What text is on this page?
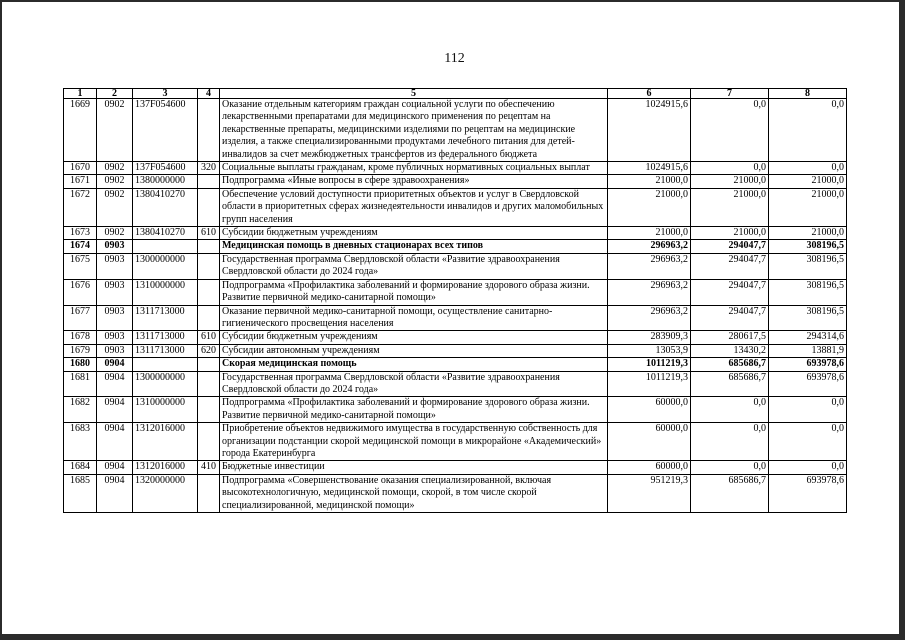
112
1	2	3	4	5	6	7	8
1669	0902	137F054600		Оказание отдельным категориям граждан социальной услуги по обеспечению лекарственными препаратами для медицинского применения по рецептам на лекарственные препараты, медицинскими изделиями по рецептам на медицинские изделия, а также специализированными продуктами лечебного питания для детей-инвалидов за счет межбюджетных трансфертов из федерального бюджета	1024915,6	0,0	0,0
1670	0902	137F054600	320	Социальные выплаты гражданам, кроме публичных нормативных социальных выплат	1024915,6	0,0	0,0
1671	0902	1380000000		Подпрограмма «Иные вопросы в сфере здравоохранения»	21000,0	21000,0	21000,0
1672	0902	1380410270		Обеспечение условий доступности приоритетных объектов и услуг в Свердловской области в приоритетных сферах жизнедеятельности инвалидов и других маломобильных групп населения	21000,0	21000,0	21000,0
1673	0902	1380410270	610	Субсидии бюджетным учреждениям	21000,0	21000,0	21000,0
1674	0903			Медицинская помощь в дневных стационарах всех типов	296963,2	294047,7	308196,5
1675	0903	1300000000		Государственная программа Свердловской области «Развитие здравоохранения Свердловской области до 2024 года»	296963,2	294047,7	308196,5
1676	0903	1310000000		Подпрограмма «Профилактика заболеваний и формирование здорового образа жизни. Развитие первичной медико-санитарной помощи»	296963,2	294047,7	308196,5
1677	0903	1311713000		Оказание первичной медико-санитарной помощи, осуществление санитарно-гигиенического просвещения населения	296963,2	294047,7	308196,5
1678	0903	1311713000	610	Субсидии бюджетным учреждениям	283909,3	280617,5	294314,6
1679	0903	1311713000	620	Субсидии автономным учреждениям	13053,9	13430,2	13881,9
1680	0904			Скорая медицинская помощь	1011219,3	685686,7	693978,6
1681	0904	1300000000		Государственная программа Свердловской области «Развитие здравоохранения Свердловской области до 2024 года»	1011219,3	685686,7	693978,6
1682	0904	1310000000		Подпрограмма «Профилактика заболеваний и формирование здорового образа жизни. Развитие первичной медико-санитарной помощи»	60000,0	0,0	0,0
1683	0904	1312016000		Приобретение объектов недвижимого имущества в государственную собственность для организации подстанции скорой медицинской помощи в микрорайоне «Академический» города Екатеринбурга	60000,0	0,0	0,0
1684	0904	1312016000	410	Бюджетные инвестиции	60000,0	0,0	0,0
1685	0904	1320000000		Подпрограмма «Совершенствование оказания специализированной, включая высокотехнологичную, медицинской помощи, скорой, в том числе скорой специализированной, медицинской помощи»	951219,3	685686,7	693978,6
